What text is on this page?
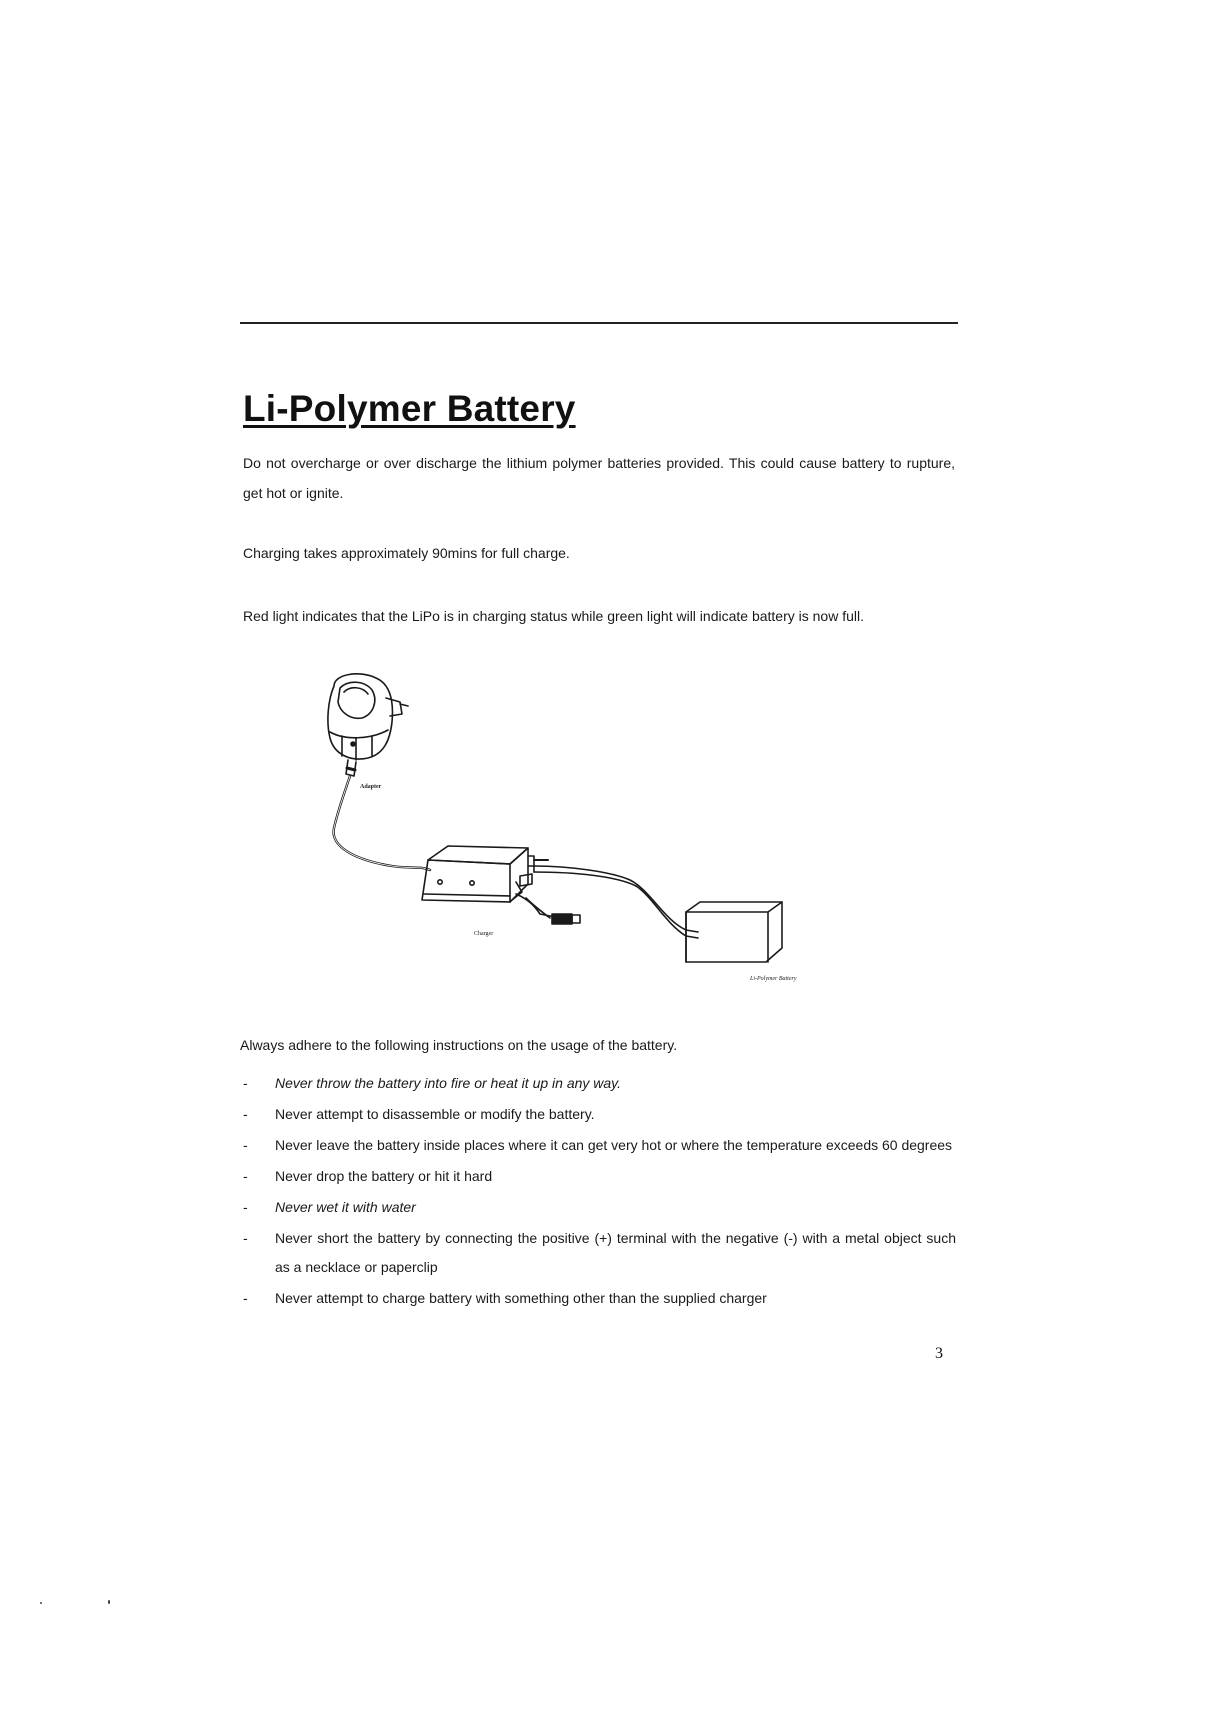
Li-Polymer Battery

Do not overcharge or over discharge the lithium polymer batteries provided. This could cause battery to rupture, get hot or ignite.

Charging takes approximately 90mins for full charge.

Red light indicates that the LiPo is in charging status while green light will indicate battery is now full.

Adapter
Charger
Li-Polymer Battery

Always adhere to the following instructions on the usage of the battery.

- Never throw the battery into fire or heat it up in any way.
- Never attempt to disassemble or modify the battery.
- Never leave the battery inside places where it can get very hot or where the temperature exceeds 60 degrees
- Never drop the battery or hit it hard
- Never wet it with water
- Never short the battery by connecting the positive (+) terminal with the negative (-) with a metal object such as a necklace or paperclip
- Never attempt to charge battery with something other than the supplied charger
3
